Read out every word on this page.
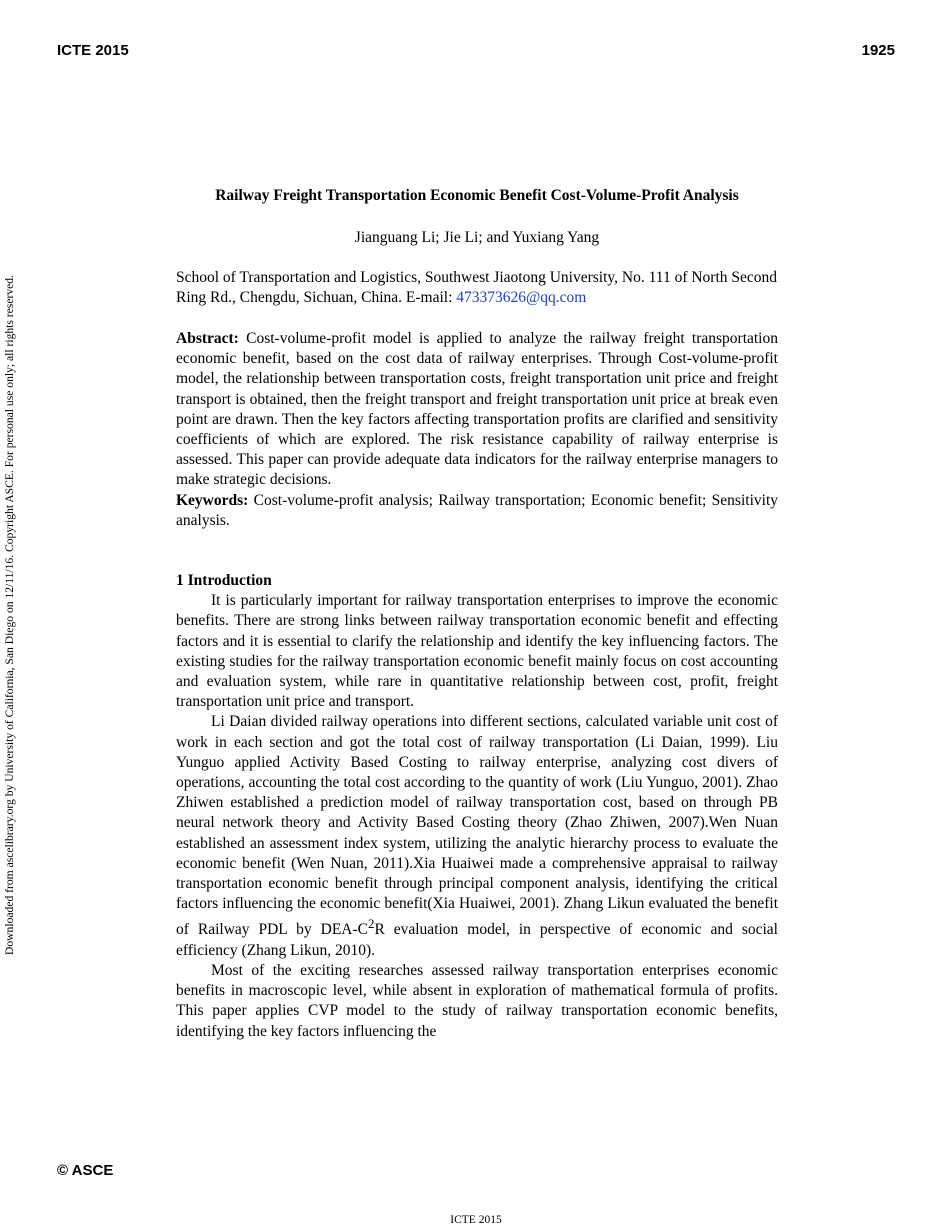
ICTE 2015	1925
Downloaded from ascelibrary.org by University of California, San Diego on 12/11/16. Copyright ASCE. For personal use only; all rights reserved.
Railway Freight Transportation Economic Benefit Cost-Volume-Profit Analysis
Jianguang Li; Jie Li; and Yuxiang Yang
School of Transportation and Logistics, Southwest Jiaotong University, No. 111 of North Second Ring Rd., Chengdu, Sichuan, China. E-mail: 473373626@qq.com

Abstract: Cost-volume-profit model is applied to analyze the railway freight transportation economic benefit, based on the cost data of railway enterprises. Through Cost-volume-profit model, the relationship between transportation costs, freight transportation unit price and freight transport is obtained, then the freight transport and freight transportation unit price at break even point are drawn. Then the key factors affecting transportation profits are clarified and sensitivity coefficients of which are explored. The risk resistance capability of railway enterprise is assessed. This paper can provide adequate data indicators for the railway enterprise managers to make strategic decisions.

Keywords: Cost-volume-profit analysis; Railway transportation; Economic benefit; Sensitivity analysis.

1 Introduction

It is particularly important for railway transportation enterprises to improve the economic benefits. There are strong links between railway transportation economic benefit and effecting factors and it is essential to clarify the relationship and identify the key influencing factors. The existing studies for the railway transportation economic benefit mainly focus on cost accounting and evaluation system, while rare in quantitative relationship between cost, profit, freight transportation unit price and transport.

Li Daian divided railway operations into different sections, calculated variable unit cost of work in each section and got the total cost of railway transportation (Li Daian, 1999). Liu Yunguo applied Activity Based Costing to railway enterprise, analyzing cost divers of operations, accounting the total cost according to the quantity of work (Liu Yunguo, 2001). Zhao Zhiwen established a prediction model of railway transportation cost, based on through PB neural network theory and Activity Based Costing theory (Zhao Zhiwen, 2007).Wen Nuan established an assessment index system, utilizing the analytic hierarchy process to evaluate the economic benefit (Wen Nuan, 2011).Xia Huaiwei made a comprehensive appraisal to railway transportation economic benefit through principal component analysis, identifying the critical factors influencing the economic benefit(Xia Huaiwei, 2001). Zhang Likun evaluated the benefit of Railway PDL by DEA-$C^2R$ evaluation model, in perspective of economic and social efficiency (Zhang Likun, 2010).

Most of the exciting researches assessed railway transportation enterprises economic benefits in macroscopic level, while absent in exploration of mathematical formula of profits. This paper applies CVP model to the study of railway transportation economic benefits, identifying the key factors influencing the

© ASCE
ICTE 2015
